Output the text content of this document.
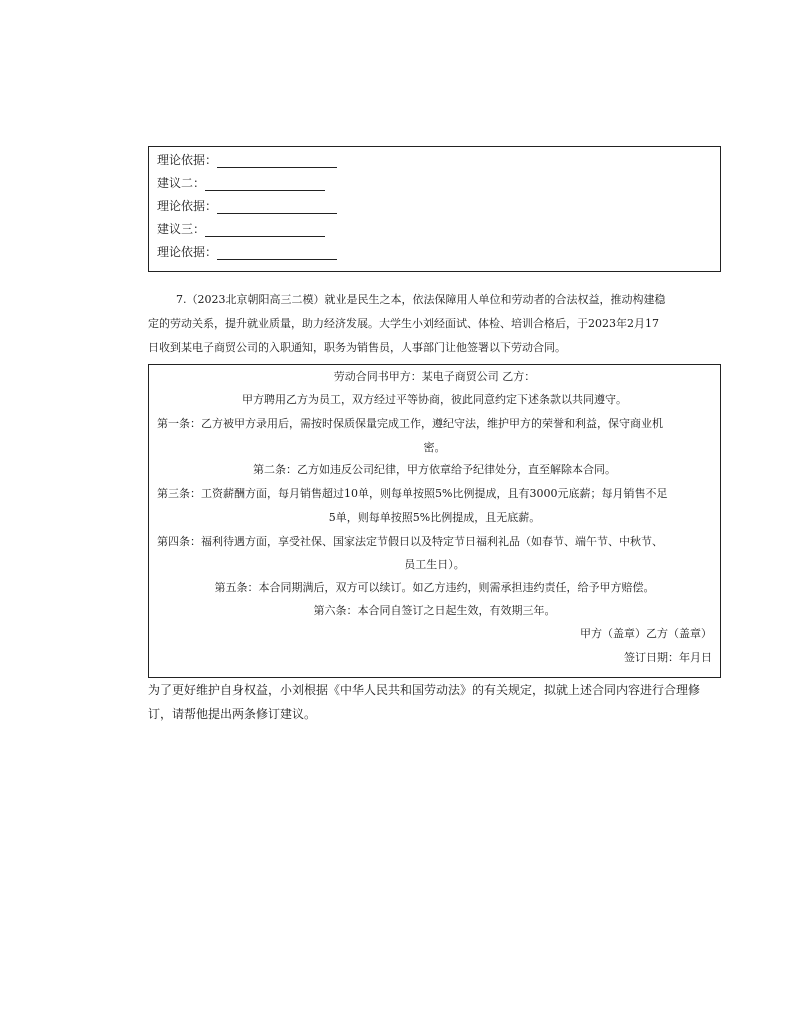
理论依据：
建议二：
理论依据：
建议三：
理论依据：
7.（2023北京朝阳高三二模）就业是民生之本，依法保障用人单位和劳动者的合法权益，推动构建稳
定的劳动关系，提升就业质量，助力经济发展。大学生小刘经面试、体检、培训合格后，于2023年2月17
日收到某电子商贸公司的入职通知，职务为销售员，人事部门让他签署以下劳动合同。
劳动合同书甲方：某电子商贸公司 乙方：
甲方聘用乙方为员工，双方经过平等协商，彼此同意约定下述条款以共同遵守。
第一条：乙方被甲方录用后，需按时保质保量完成工作，遵纪守法，维护甲方的荣誉和利益，保守商业机
密。
第二条：乙方如违反公司纪律，甲方依章给予纪律处分，直至解除本合同。
第三条：工资薪酬方面，每月销售超过10单，则每单按照5%比例提成，且有3000元底薪；每月销售不足
5单，则每单按照5%比例提成，且无底薪。
第四条：福利待遇方面，享受社保、国家法定节假日以及特定节日福利礼品（如春节、端午节、中秋节、
员工生日）。
第五条：本合同期满后，双方可以续订。如乙方违约，则需承担违约责任，给予甲方赔偿。
第六条：本合同自签订之日起生效，有效期三年。
甲方（盖章）乙方（盖章）
签订日期：年月日
为了更好维护自身权益，小刘根据《中华人民共和国劳动法》的有关规定，拟就上述合同内容进行合理修
订，请帮他提出两条修订建议。
